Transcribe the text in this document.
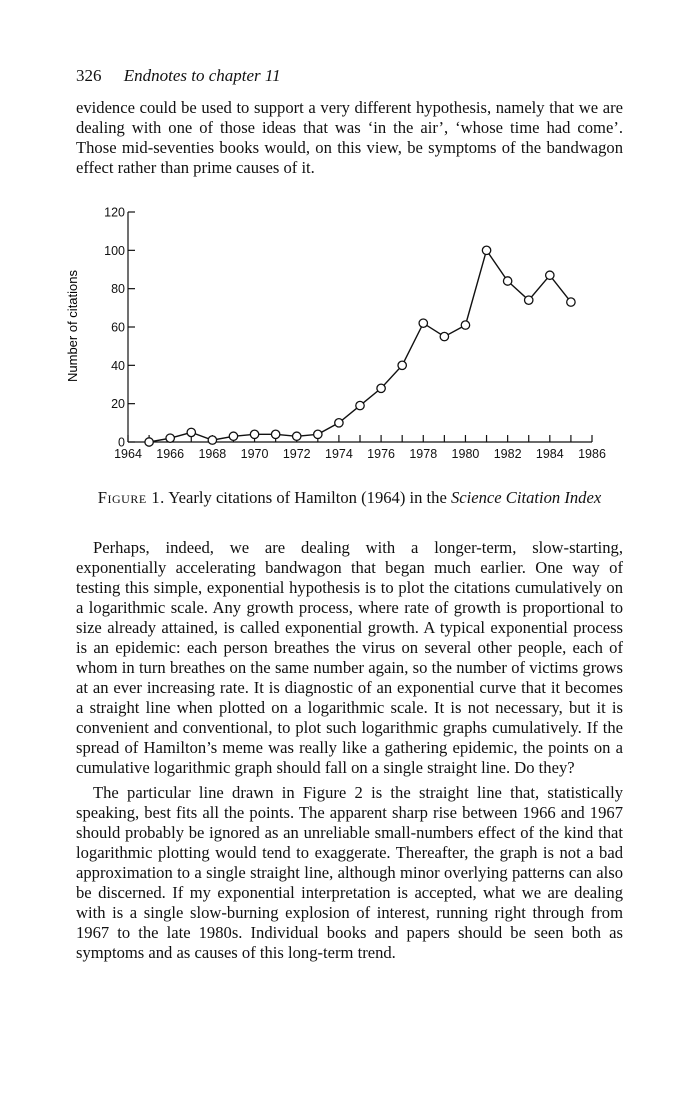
326 Endnotes to chapter 11

evidence could be used to support a very different hypothesis, namely that we are dealing with one of those ideas that was ‘in the air’, ‘whose time had come’. Those mid-seventies books would, on this view, be symptoms of the bandwagon effect rather than prime causes of it.

1964 1966 1968 1970 1972 1974 1976 1978 1980 1982 1984 1986
0
20
40
60
80
100
120
Number of citations
Figure 1. Yearly citations of Hamilton (1964) in the Science Citation Index

Perhaps, indeed, we are dealing with a longer-term, slow-starting, exponentially accelerating bandwagon that began much earlier. One way of testing this simple, exponential hypothesis is to plot the citations cumulatively on a logarithmic scale. Any growth process, where rate of growth is proportional to size already attained, is called exponential growth. A typical exponential process is an epidemic: each person breathes the virus on several other people, each of whom in turn breathes on the same number again, so the number of victims grows at an ever increasing rate. It is diagnostic of an exponential curve that it becomes a straight line when plotted on a logarithmic scale. It is not necessary, but it is convenient and conventional, to plot such logarithmic graphs cumulatively. If the spread of Hamilton’s meme was really like a gathering epidemic, the points on a cumulative logarithmic graph should fall on a single straight line. Do they?

The particular line drawn in Figure 2 is the straight line that, statistically speaking, best fits all the points. The apparent sharp rise between 1966 and 1967 should probably be ignored as an unreliable small-numbers effect of the kind that logarithmic plotting would tend to exaggerate. Thereafter, the graph is not a bad approximation to a single straight line, although minor overlying patterns can also be discerned. If my exponential interpretation is accepted, what we are dealing with is a single slow-burning explosion of interest, running right through from 1967 to the late 1980s. Individual books and papers should be seen both as symptoms and as causes of this long-term trend.
